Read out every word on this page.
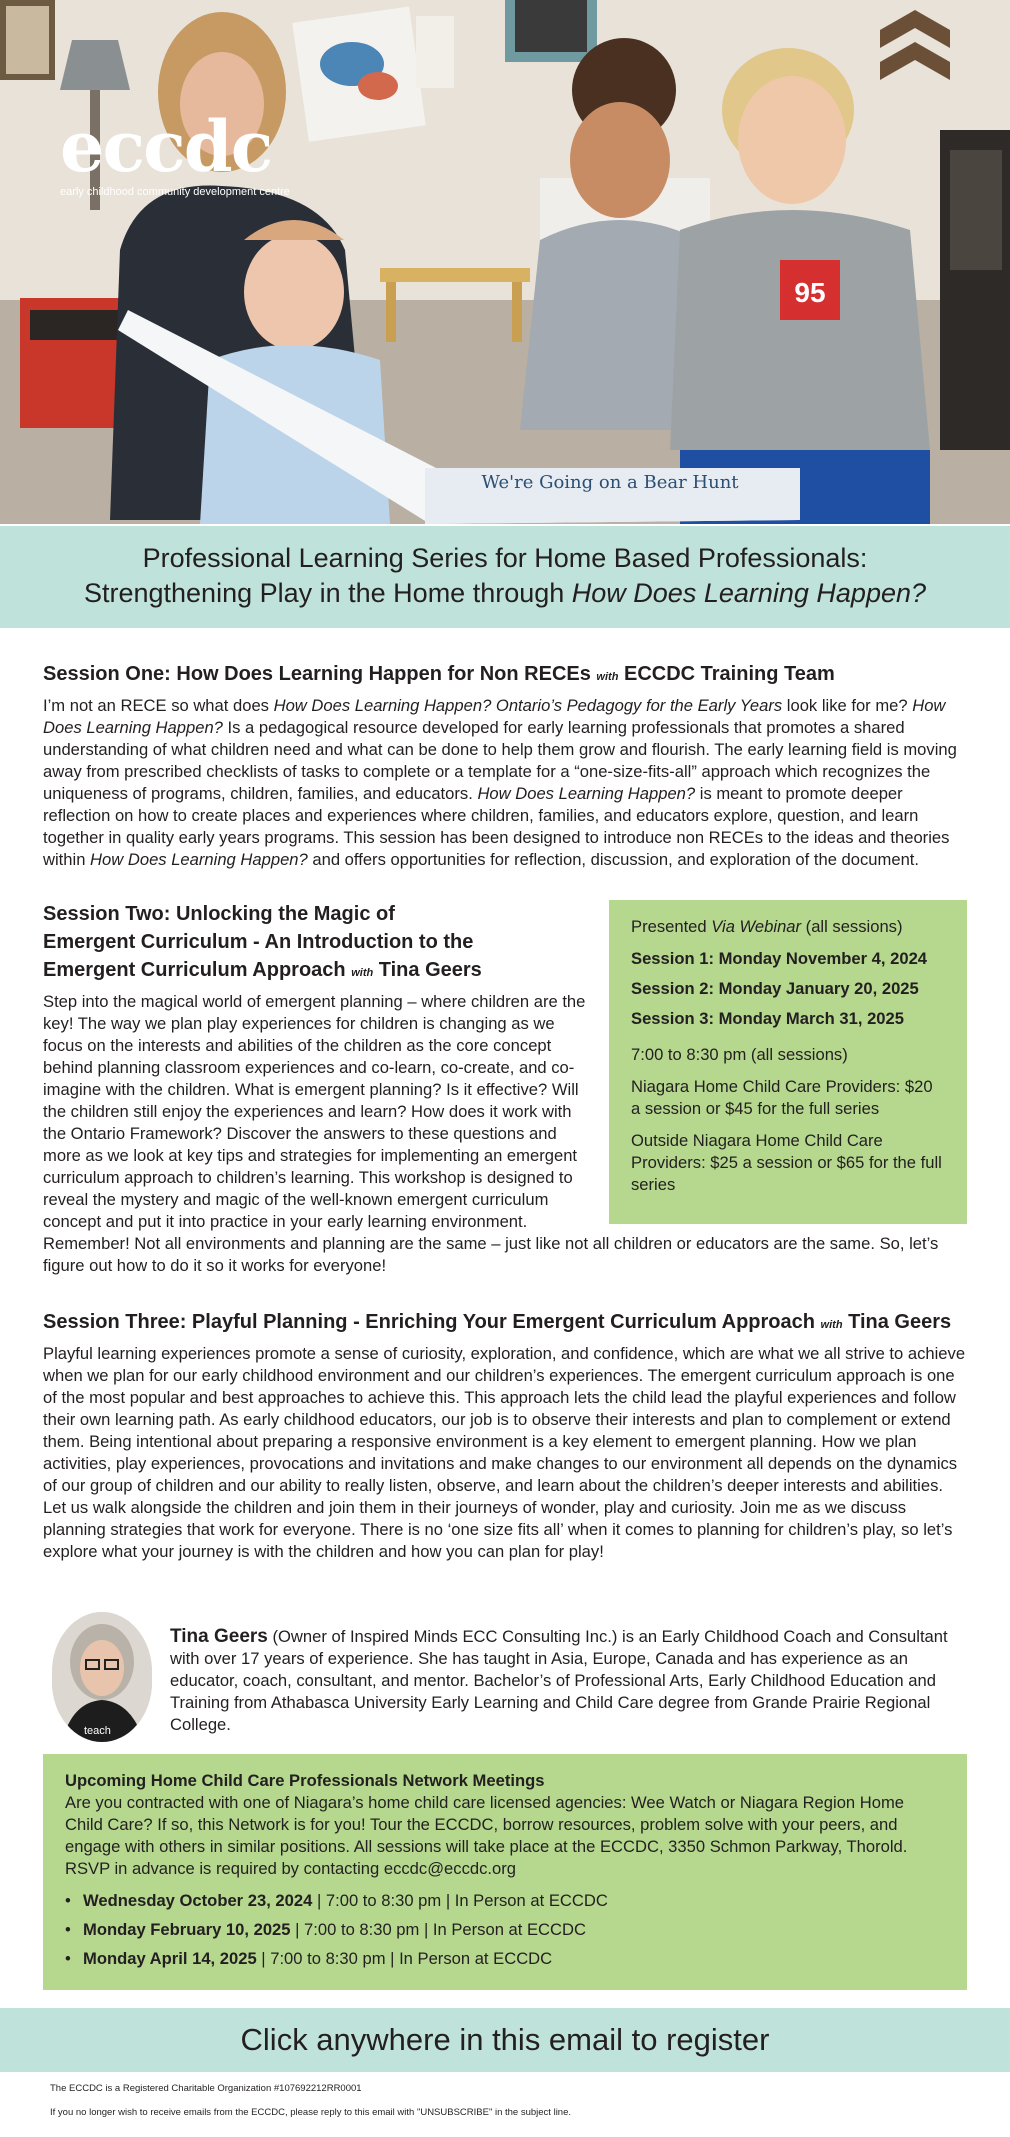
95
We're Going on a Bear Hunt
eccdc
early childhood community development centre
Professional Learning Series for Home Based Professionals:
Strengthening Play in the Home through How Does Learning Happen?
Session One: How Does Learning Happen for Non RECEs with ECCDC Training Team

I’m not an RECE so what does How Does Learning Happen? Ontario’s Pedagogy for the Early Years look like for me? How Does Learning Happen? Is a pedagogical resource developed for early learning professionals that promotes a shared understanding of what children need and what can be done to help them grow and flourish. The early learning field is moving away from prescribed checklists of tasks to complete or a template for a “one-size-fits-all” approach which recognizes the uniqueness of programs, children, families, and educators. How Does Learning Happen? is meant to promote deeper reflection on how to create places and experiences where children, families, and educators explore, question, and learn together in quality early years programs. This session has been designed to introduce non RECEs to the ideas and theories within How Does Learning Happen? and offers opportunities for reflection, discussion, and exploration of the document.

Presented Via Webinar (all sessions)

Session 1: Monday November 4, 2024

Session 2: Monday January 20, 2025

Session 3: Monday March 31, 2025

7:00 to 8:30 pm (all sessions)

Niagara Home Child Care Providers: $20 a session or $45 for the full series

Outside Niagara Home Child Care Providers: $25 a session or $65 for the full series

Session Two: Unlocking the Magic of
Emergent Curriculum - An Introduction to the
Emergent Curriculum Approach with Tina Geers

Step into the magical world of emergent planning – where children are the key! The way we plan play experiences for children is changing as we focus on the interests and abilities of the children as the core concept behind planning classroom experiences and co-learn, co-create, and co-imagine with the children. What is emergent planning? Is it effective? Will the children still enjoy the experiences and learn? How does it work with the Ontario Framework? Discover the answers to these questions and more as we look at key tips and strategies for implementing an emergent curriculum approach to children’s learning. This workshop is designed to reveal the mystery and magic of the well-known emergent curriculum concept and put it into practice in your early learning environment. Remember! Not all environments and planning are the same – just like not all children or educators are the same. So, let’s figure out how to do it so it works for everyone!

Session Three: Playful Planning - Enriching Your Emergent Curriculum Approach with Tina Geers

Playful learning experiences promote a sense of curiosity, exploration, and confidence, which are what we all strive to achieve when we plan for our early childhood environment and our children’s experiences. The emergent curriculum approach is one of the most popular and best approaches to achieve this. This approach lets the child lead the playful experiences and follow their own learning path. As early childhood educators, our job is to observe their interests and plan to complement or extend them. Being intentional about preparing a responsive environment is a key element to emergent planning. How we plan activities, play experiences, provocations and invitations and make changes to our environment all depends on the dynamics of our group of children and our ability to really listen, observe, and learn about the children’s deeper interests and abilities. Let us walk alongside the children and join them in their journeys of wonder, play and curiosity. Join me as we discuss planning strategies that work for everyone. There is no ‘one size fits all’ when it comes to planning for children’s play, so let’s explore what your journey is with the children and how you can plan for play!

teach

Tina Geers (Owner of Inspired Minds ECC Consulting Inc.) is an Early Childhood Coach and Consultant with over 17 years of experience. She has taught in Asia, Europe, Canada and has experience as an educator, coach, consultant, and mentor. Bachelor’s of Professional Arts, Early Childhood Education and Training from Athabasca University Early Learning and Child Care degree from Grande Prairie Regional College.

Upcoming Home Child Care Professionals Network Meetings

Are you contracted with one of Niagara’s home child care licensed agencies: Wee Watch or Niagara Region Home Child Care? If so, this Network is for you! Tour the ECCDC, borrow resources, problem solve with your peers, and engage with others in similar positions. All sessions will take place at the ECCDC, 3350 Schmon Parkway, Thorold. RSVP in advance is required by contacting eccdc@eccdc.org

• Wednesday October 23, 2024 | 7:00 to 8:30 pm | In Person at ECCDC
• Monday February 10, 2025 | 7:00 to 8:30 pm | In Person at ECCDC
• Monday April 14, 2025 | 7:00 to 8:30 pm | In Person at ECCDC
Click anywhere in this email to register

The ECCDC is a Registered Charitable Organization #107692212RR0001

If you no longer wish to receive emails from the ECCDC, please reply to this email with "UNSUBSCRIBE" in the subject line.
